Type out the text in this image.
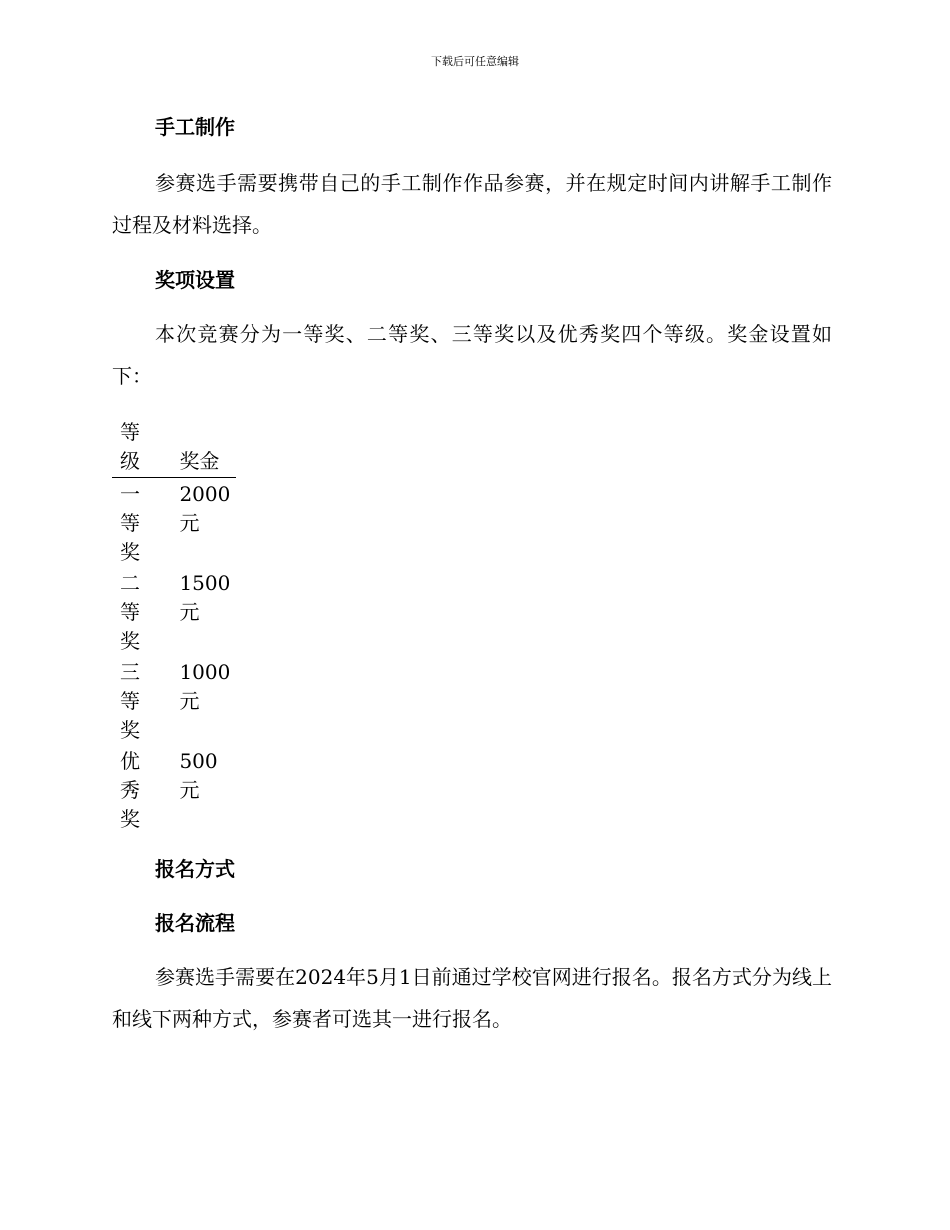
下载后可任意编辑
手工制作

参赛选手需要携带自己的手工制作作品参赛，并在规定时间内讲解手工制作过程及材料选择。

奖项设置

本次竞赛分为一等奖、二等奖、三等奖以及优秀奖四个等级。奖金设置如下：

等级	奖金
一等奖	2000元
二等奖	1500元
三等奖	1000元
优秀奖	500元
报名方式
报名流程

参赛选手需要在2024年5月1日前通过学校官网进行报名。报名方式分为线上和线下两种方式，参赛者可选其一进行报名。
